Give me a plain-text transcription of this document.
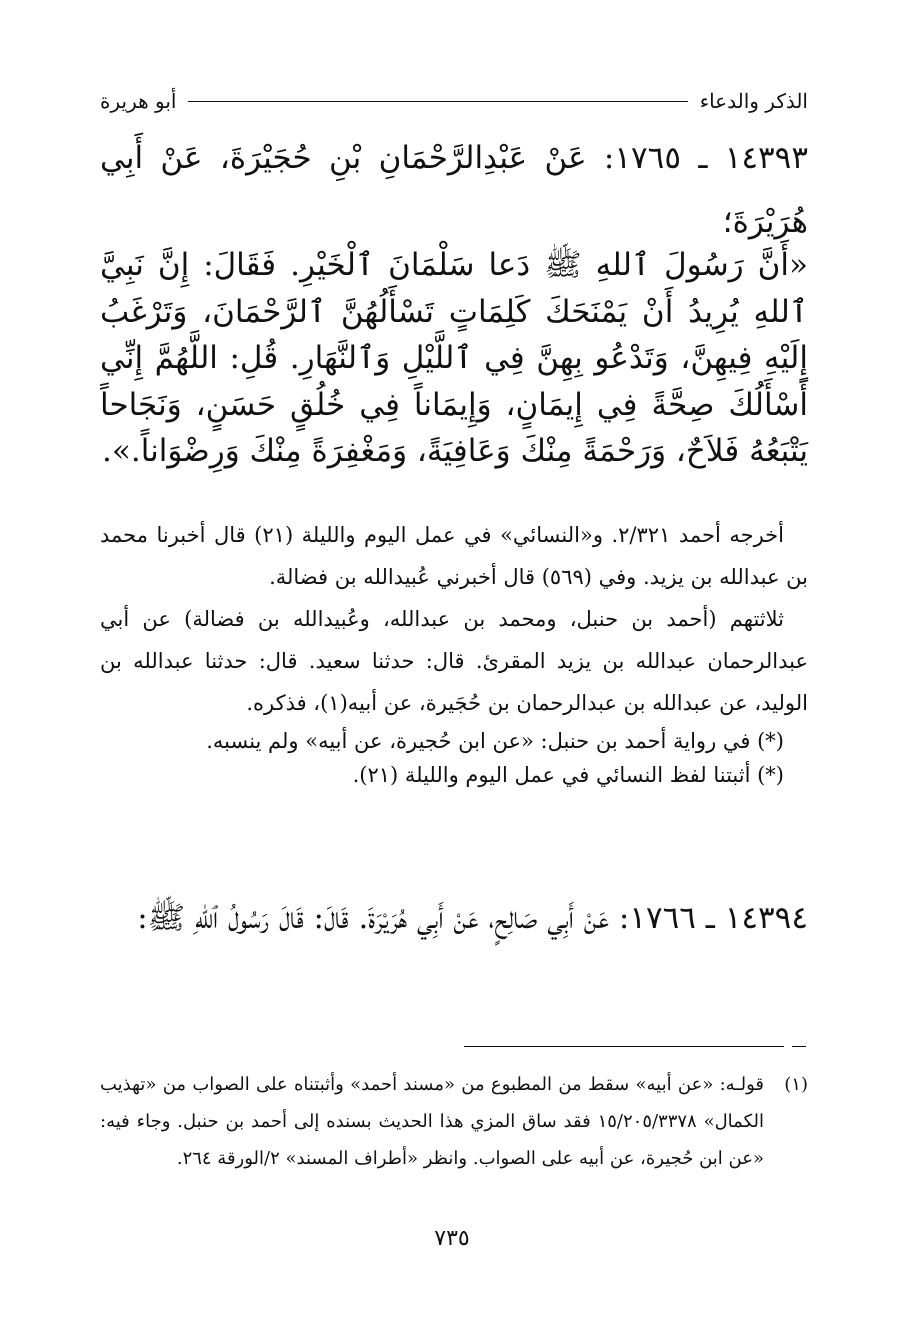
الذكر والدعاء
أبو هريرة
١٤٣٩٣ ـ ١٧٦٥: عَنْ عَبْدِالرَّحْمَانِ بْنِ حُجَيْرَةَ، عَنْ أَبِي هُرَيْرَةَ؛
«أَنَّ رَسُولَ ٱللهِ ﷺ دَعا سَلْمَانَ ٱلْخَيْرِ. فَقَالَ: إِنَّ نَبِيَّ ٱللهِ يُرِيدُ أَنْ يَمْنَحَكَ كَلِمَاتٍ تَسْأَلُهُنَّ ٱلرَّحْمَانَ، وَتَرْغَبُ إِلَيْهِ فِيهِنَّ، وَتَدْعُو بِهِنَّ فِي ٱللَّيْلِ وَٱلنَّهَارِ. قُلِ: اللَّهُمَّ إِنِّي أَسْأَلُكَ صِحَّةً فِي إِيمَانٍ، وَإِيمَاناً فِي خُلُقٍ حَسَنٍ، وَنَجَاحاً يَتْبَعُهُ فَلاَحٌ، وَرَحْمَةً مِنْكَ وَعَافِيَةً، وَمَغْفِرَةً مِنْكَ وَرِضْوَاناً.».

أخرجه أحمد ٢/٣٢١. و«النسائي» في عمل اليوم والليلة (٢١) قال أخبرنا محمد بن عبدالله بن يزيد. وفي (٥٦٩) قال أخبرني عُبيدالله بن فضالة.

ثلاثتهم (أحمد بن حنبل، ومحمد بن عبدالله، وعُبيدالله بن فضالة) عن أبي عبدالرحمان عبدالله بن يزيد المقرئ. قال: حدثنا سعيد. قال: حدثنا عبدالله بن الوليد، عن عبدالله بن عبدالرحمان بن حُجَيرة، عن أبيه(١)، فذكره.

(*) في رواية أحمد بن حنبل: «عن ابن حُجيرة، عن أبيه» ولم ينسبه.

(*) أثبتنا لفظ النسائي في عمل اليوم والليلة (٢١).

١٤٣٩٤ ـ ١٧٦٦: عَنْ أَبِي صَالِحٍ، عَنْ أَبِي هُرَيْرَةَ. قَالَ: قَالَ رَسُولُ ٱللهِ ﷺ:
(١)
قولـه: «عن أبيه» سقط من المطبوع من «مسند أحمد» وأثبتناه على الصواب من «تهذيب الكمال» ١٥/٢٠٥/٣٣٧٨ فقد ساق المزي هذا الحديث بسنده إلى أحمد بن حنبل. وجاء فيه: «عن ابن حُجيرة، عن أبيه على الصواب. وانظر «أطراف المسند» ٢/الورقة ٢٦٤.
٧٣٥
